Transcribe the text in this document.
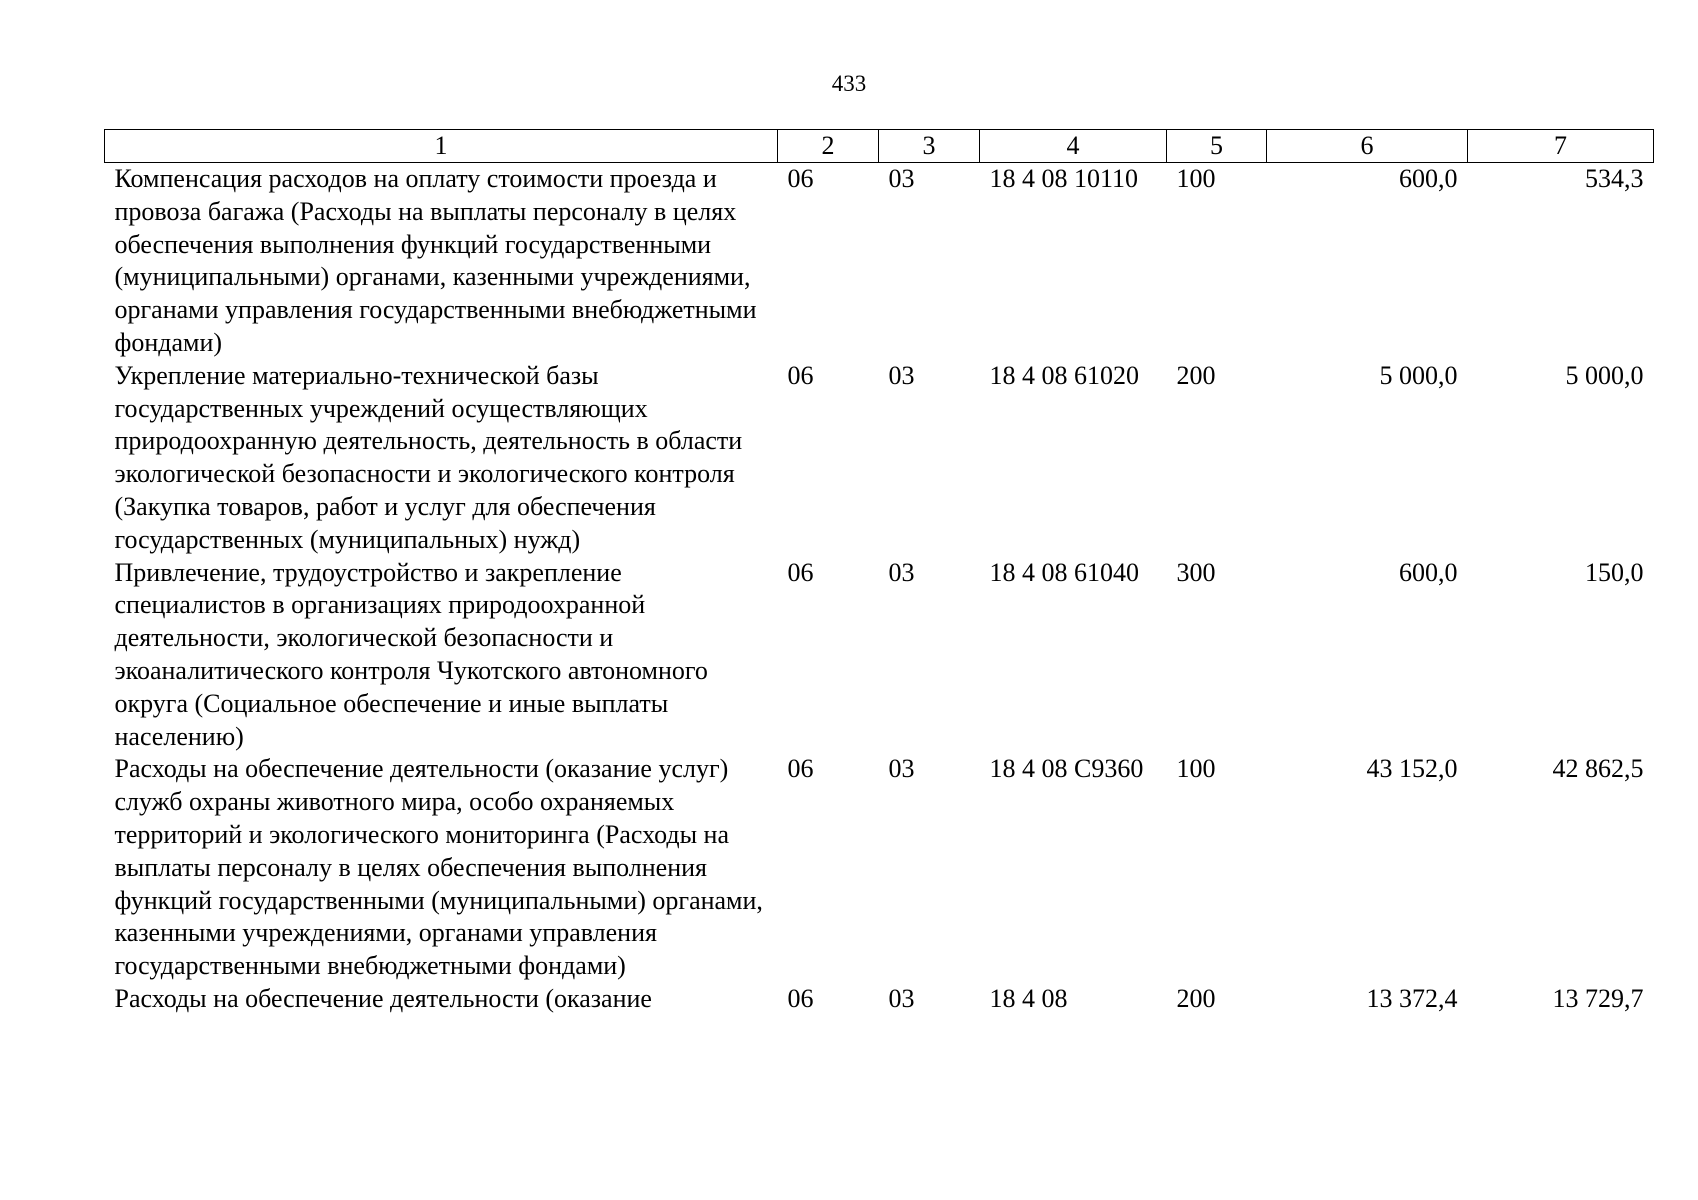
433
1	2	3	4	5	6	7
Компенсация расходов на оплату стоимости проезда и провоза багажа (Расходы на выплаты персоналу в целях обеспечения выполнения функций государственными (муниципальными) органами, казенными учреждениями, органами управления государственными внебюджетными фондами)	06	03	18 4 08 10110	100	600,0	534,3
Укрепление материально-технической базы государственных учреждений осуществляющих природоохранную деятельность, деятельность в области экологической безопасности и экологического контроля (Закупка товаров, работ и услуг для обеспечения государственных (муниципальных) нужд)	06	03	18 4 08 61020	200	5 000,0	5 000,0
Привлечение, трудоустройство и закрепление специалистов в организациях природоохранной деятельности, экологической безопасности и экоаналитического контроля Чукотского автономного округа (Социальное обеспечение и иные выплаты населению)	06	03	18 4 08 61040	300	600,0	150,0
Расходы на обеспечение деятельности (оказание услуг) служб охраны животного мира, особо охраняемых территорий и экологического мониторинга (Расходы на выплаты персоналу в целях обеспечения выполнения функций государственными (муниципальными) органами, казенными учреждениями, органами управления государственными внебюджетными фондами)	06	03	18 4 08 С9360	100	43 152,0	42 862,5
Расходы на обеспечение деятельности (оказание	06	03	18 4 08	200	13 372,4	13 729,7
